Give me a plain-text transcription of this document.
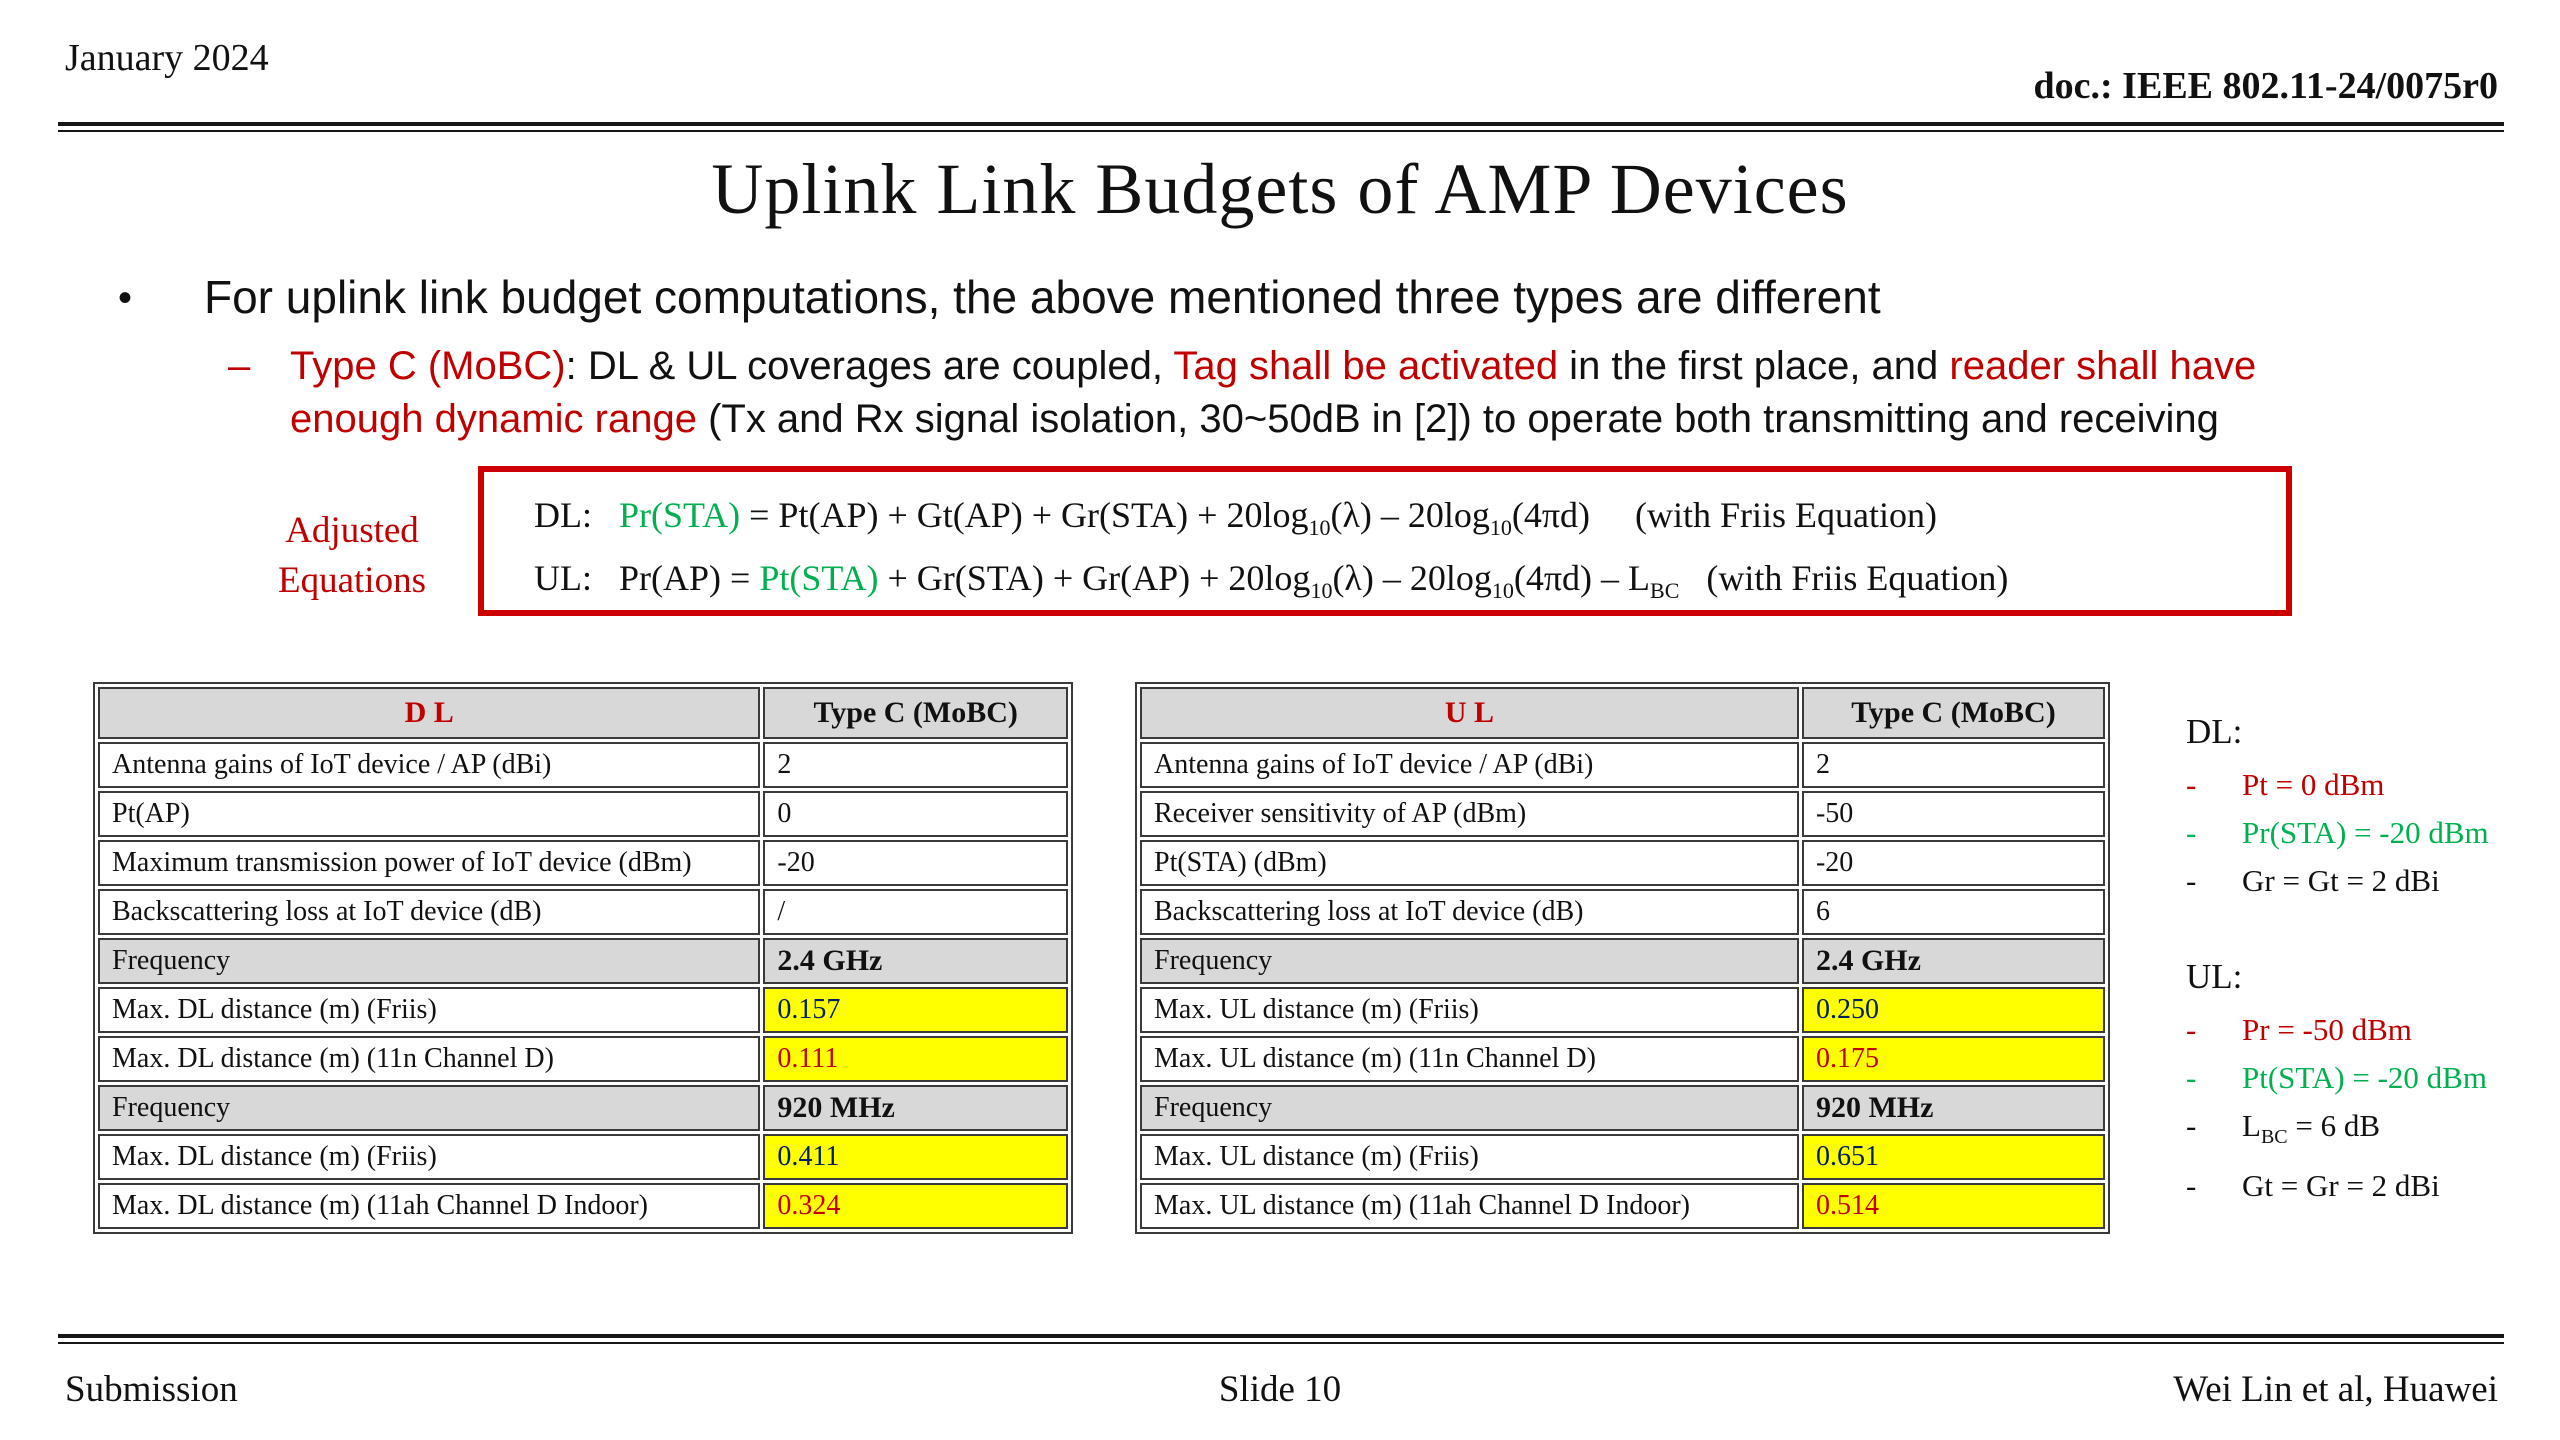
January 2024
doc.: IEEE 802.11-24/0075r0
Uplink Link Budgets of AMP Devices
• For uplink link budget computations, the above mentioned three types are different
– Type C (MoBC): DL & UL coverages are coupled, Tag shall be activated in the first place, and reader shall have
enough dynamic range (Tx and Rx signal isolation, 30~50dB in [2]) to operate both transmitting and receiving
Adjusted Equations
DL:   $Pr(STA) = Pt(AP) + Gt(AP) + Gr(STA) + 20\log_{10}(\lambda) - 20\log_{10}(4\pi d)$     (with Friis Equation)
UL:   $Pr(AP) = Pt(STA) + Gr(STA) + Gr(AP) + 20\log_{10}(\lambda) - 20\log_{10}(4\pi d) - L_{BC}$   (with Friis Equation)
D L	Type C (MoBC)
Antenna gains of IoT device / AP (dBi)	2
Pt(AP)	0
Maximum transmission power of IoT device (dBm)	-20
Backscattering loss at IoT device (dB)	/
Frequency	2.4 GHz
Max. DL distance (m) (Friis)	0.157
Max. DL distance (m) (11n Channel D)	0.111
Frequency	920 MHz
Max. DL distance (m) (Friis)	0.411
Max. DL distance (m) (11ah Channel D Indoor)	0.324
U L	Type C (MoBC)
Antenna gains of IoT device / AP (dBi)	2
Receiver sensitivity of AP (dBm)	-50
Pt(STA) (dBm)	-20
Backscattering loss at IoT device (dB)	6
Frequency	2.4 GHz
Max. UL distance (m) (Friis)	0.250
Max. UL distance (m) (11n Channel D)	0.175
Frequency	920 MHz
Max. UL distance (m) (Friis)	0.651
Max. UL distance (m) (11ah Channel D Indoor)	0.514
DL:
-	Pt = 0 dBm
-	Pr(STA) = -20 dBm
-	Gr = Gt = 2 dBi
UL:
-	Pr = -50 dBm
-	Pt(STA) = -20 dBm
-	$L_{BC} = 6$ dB
-	Gt = Gr = 2 dBi
Slide 10
Submission	Wei Lin et al, Huawei
